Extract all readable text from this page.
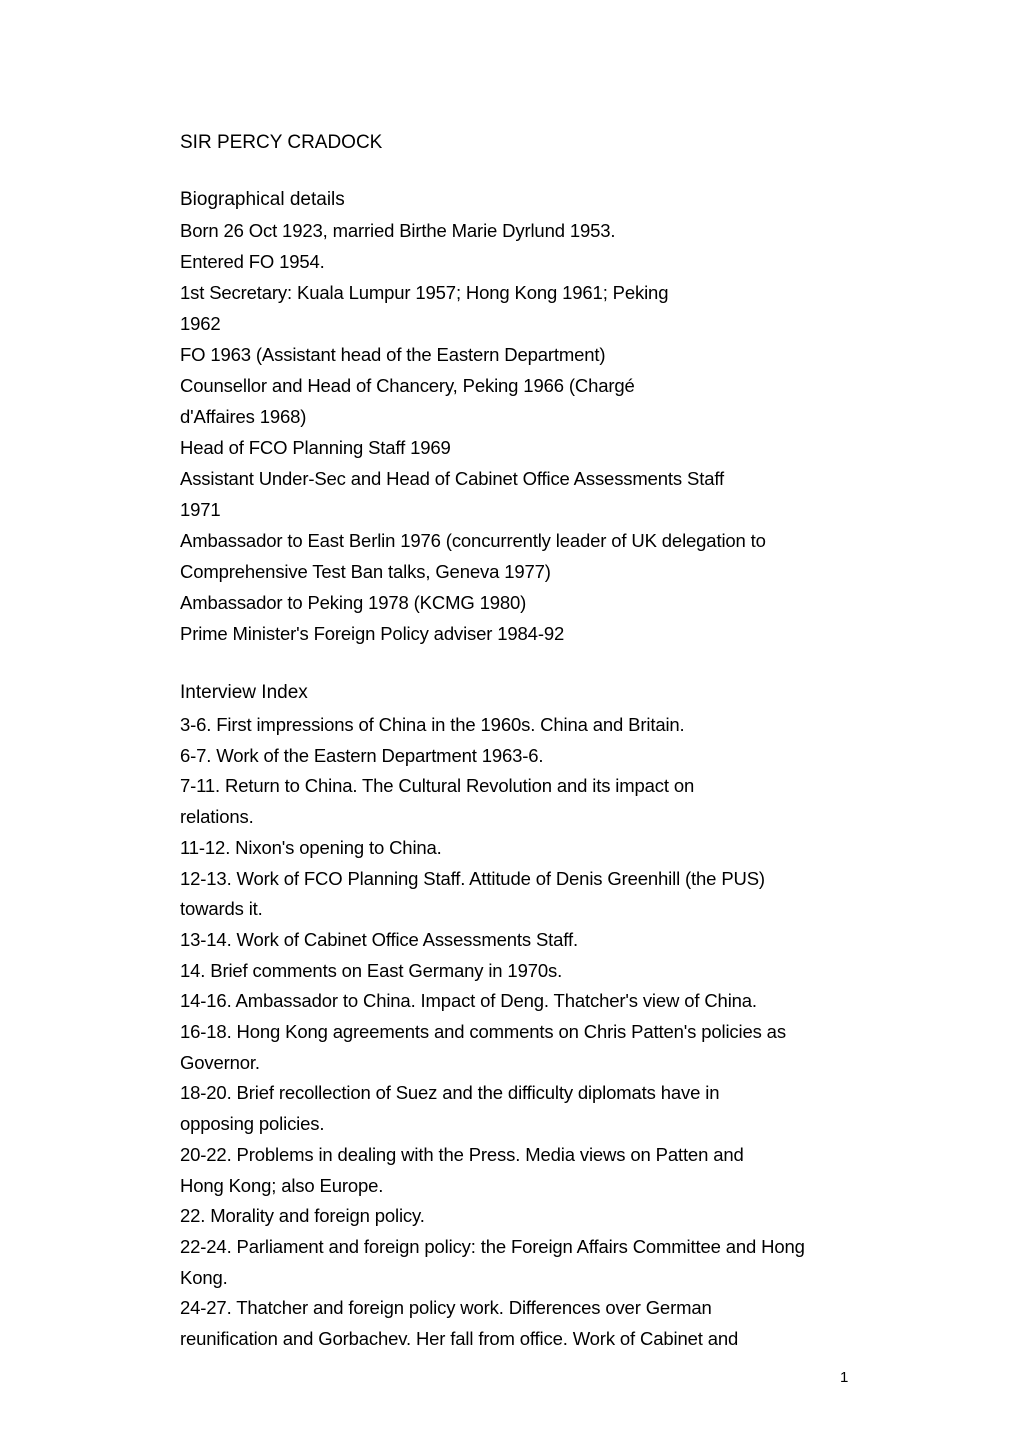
SIR PERCY CRADOCK
Biographical details
Born 26 Oct 1923, married Birthe Marie Dyrlund 1953.
Entered FO 1954.
1st Secretary: Kuala Lumpur 1957; Hong Kong 1961; Peking
1962
FO 1963 (Assistant head of the Eastern Department)
Counsellor and Head of Chancery, Peking 1966 (Chargé
d'Affaires 1968)
Head of FCO Planning Staff 1969
Assistant Under-Sec and Head of Cabinet Office Assessments Staff
1971
Ambassador to East Berlin 1976 (concurrently leader of UK delegation to
Comprehensive Test Ban talks, Geneva 1977)
Ambassador to Peking 1978 (KCMG 1980)
Prime Minister's Foreign Policy adviser 1984-92
Interview Index
3-6. First impressions of China in the 1960s. China and Britain.
6-7. Work of the Eastern Department 1963-6.
7-11. Return to China. The Cultural Revolution and its impact on
relations.
11-12. Nixon's opening to China.
12-13. Work of FCO Planning Staff. Attitude of Denis Greenhill (the PUS)
towards it.
13-14. Work of Cabinet Office Assessments Staff.
14. Brief comments on East Germany in 1970s.
14-16. Ambassador to China. Impact of Deng. Thatcher's view of China.
16-18. Hong Kong agreements and comments on Chris Patten's policies as
Governor.
18-20. Brief recollection of Suez and the difficulty diplomats have in
opposing policies.
20-22. Problems in dealing with the Press. Media views on Patten and
Hong Kong; also Europe.
22. Morality and foreign policy.
22-24. Parliament and foreign policy: the Foreign Affairs Committee and Hong
Kong.
24-27. Thatcher and foreign policy work. Differences over German
reunification and Gorbachev. Her fall from office. Work of Cabinet and
1
